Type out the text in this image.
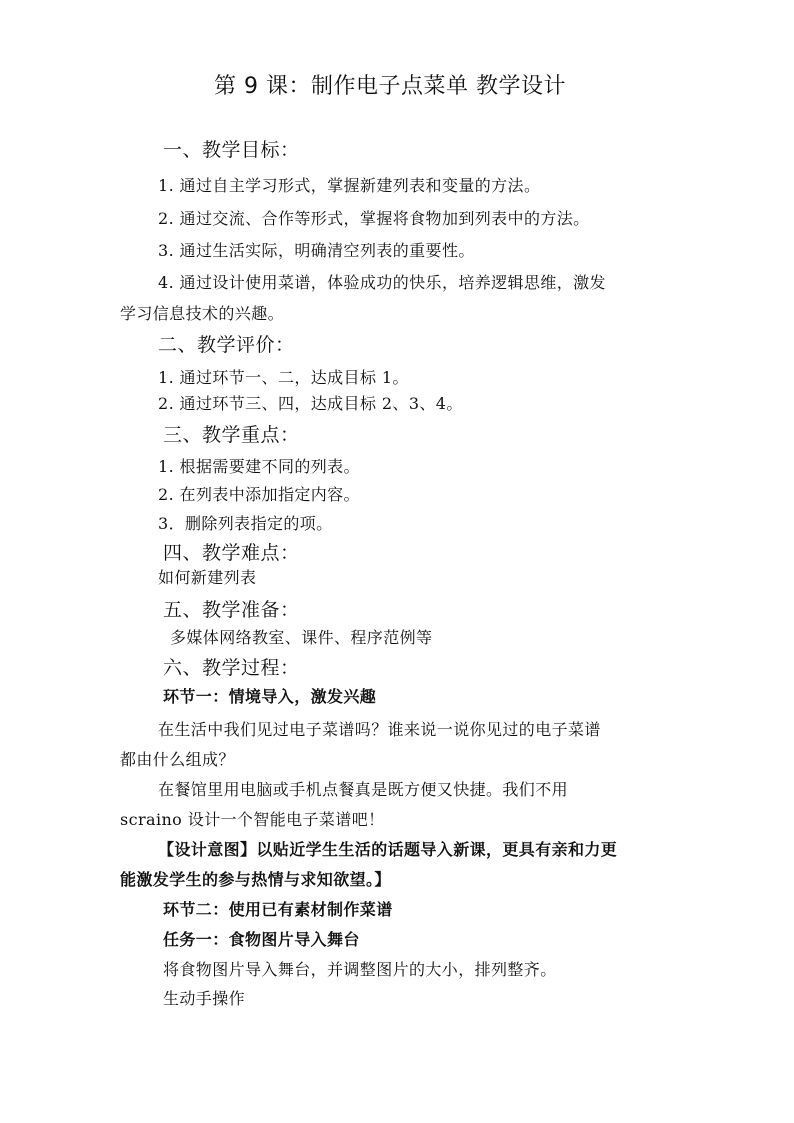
第 9 课：制作电子点菜单 教学设计
一、教学目标：
1. 通过自主学习形式，掌握新建列表和变量的方法。
2. 通过交流、合作等形式，掌握将食物加到列表中的方法。
3. 通过生活实际，明确清空列表的重要性。
4. 通过设计使用菜谱，体验成功的快乐，培养逻辑思维，激发
学习信息技术的兴趣。
二、教学评价：
1. 通过环节一、二，达成目标 1。
2. 通过环节三、四，达成目标 2、3、4。
三、教学重点：
1. 根据需要建不同的列表。
2. 在列表中添加指定内容。
3．删除列表指定的项。
四、教学难点：
如何新建列表
五、教学准备：
多媒体网络教室、课件、程序范例等
六、教学过程：
环节一：情境导入，激发兴趣
在生活中我们见过电子菜谱吗？谁来说一说你见过的电子菜谱
都由什么组成？
在餐馆里用电脑或手机点餐真是既方便又快捷。我们不用
scraino 设计一个智能电子菜谱吧！
【设计意图】以贴近学生生活的话题导入新课，更具有亲和力更
能激发学生的参与热情与求知欲望。】
环节二：使用已有素材制作菜谱
任务一：食物图片导入舞台
将食物图片导入舞台，并调整图片的大小，排列整齐。
生动手操作
